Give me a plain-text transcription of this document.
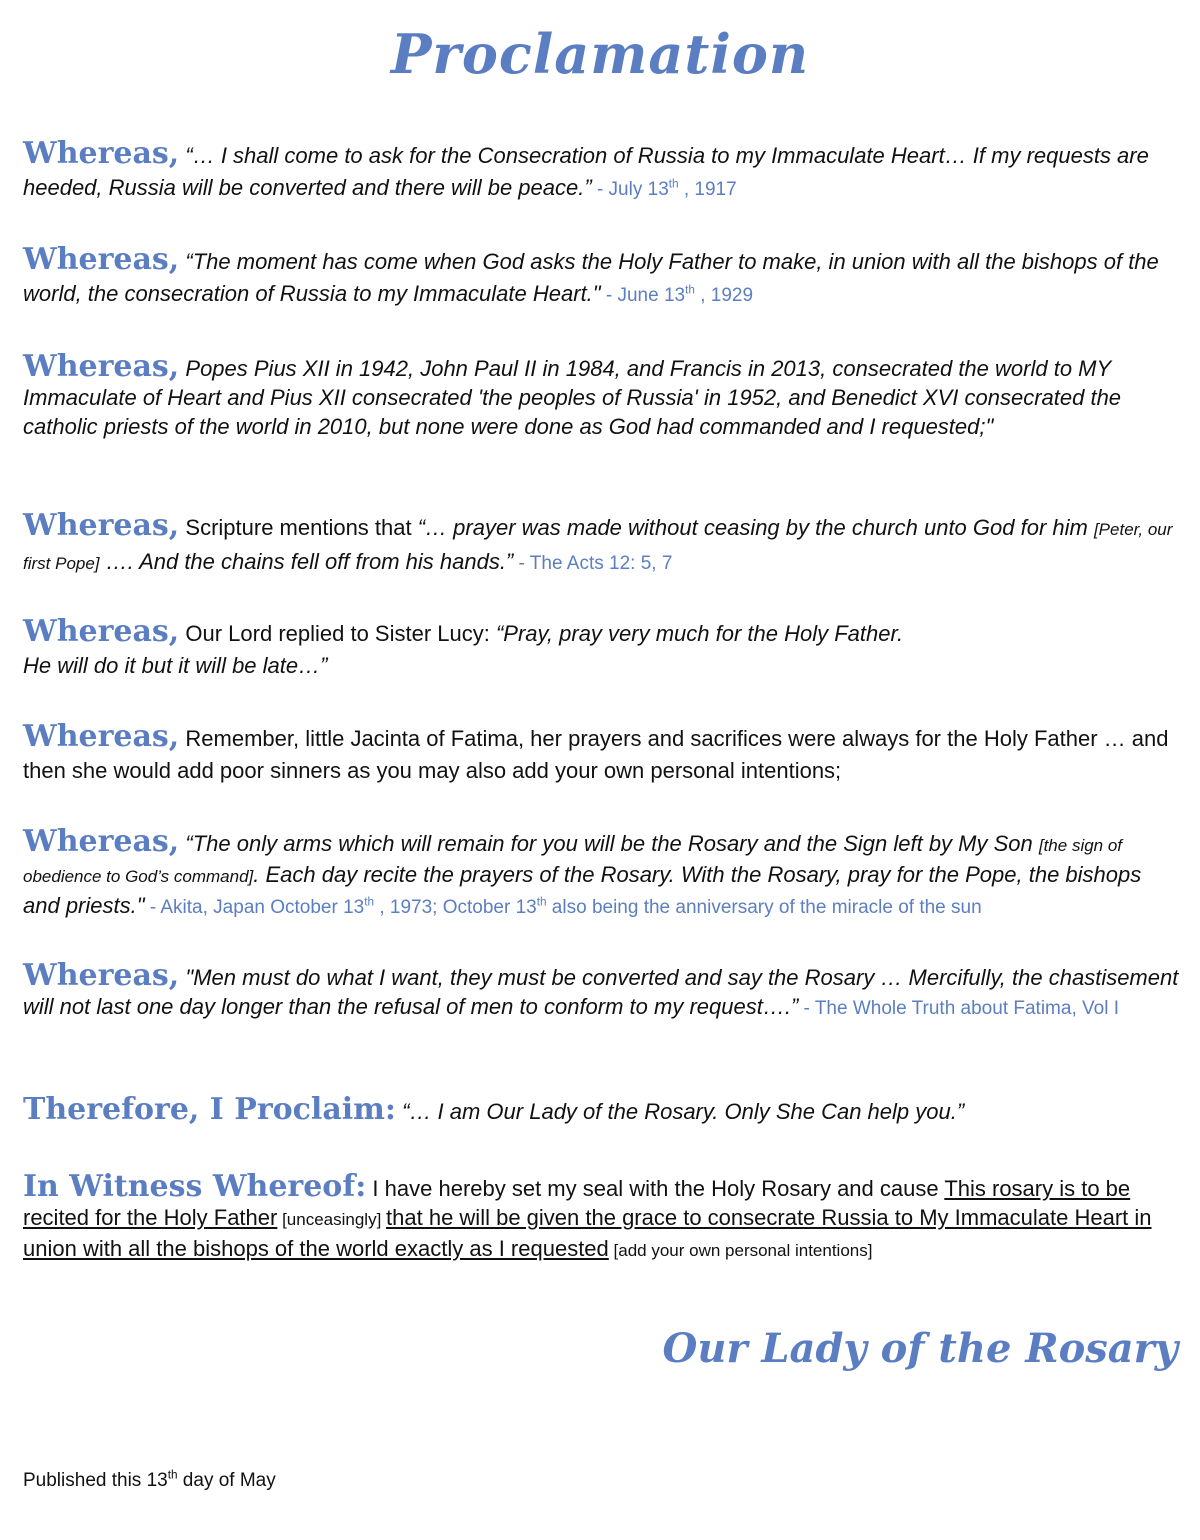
Proclamation

Whereas, “… I shall come to ask for the Consecration of Russia to my Immaculate Heart… If my requests are heeded, Russia will be converted and there will be peace.” - July 13th , 1917

Whereas, “The moment has come when God asks the Holy Father to make, in union with all the bishops of the world, the consecration of Russia to my Immaculate Heart." - June 13th , 1929

Whereas, Popes Pius XII in 1942, John Paul II in 1984, and Francis in 2013, consecrated the world to MY Immaculate of Heart and Pius XII consecrated 'the peoples of Russia' in 1952, and Benedict XVI consecrated the catholic priests of the world in 2010, but none were done as God had commanded and I requested;"

Whereas, Scripture mentions that “… prayer was made without ceasing by the church unto God for him [Peter, our first Pope] …. And the chains fell off from his hands.” - The Acts 12: 5, 7

Whereas, Our Lord replied to Sister Lucy: “Pray, pray very much for the Holy Father.
He will do it but it will be late…”

Whereas, Remember, little Jacinta of Fatima, her prayers and sacrifices were always for the Holy Father … and then she would add poor sinners as you may also add your own personal intentions;

Whereas, “The only arms which will remain for you will be the Rosary and the Sign left by My Son [the sign of obedience to God’s command]. Each day recite the prayers of the Rosary. With the Rosary, pray for the Pope, the bishops and priests." - Akita, Japan October 13th , 1973; October 13th also being the anniversary of the miracle of the sun

Whereas, "Men must do what I want, they must be converted and say the Rosary … Mercifully, the chastisement will not last one day longer than the refusal of men to conform to my request….” - The Whole Truth about Fatima, Vol I

Therefore, I Proclaim: “… I am Our Lady of the Rosary. Only She Can help you.”

In Witness Whereof: I have hereby set my seal with the Holy Rosary and cause This rosary is to be recited for the Holy Father [unceasingly] that he will be given the grace to consecrate Russia to My Immaculate Heart in union with all the bishops of the world exactly as I requested [add your own personal intentions]

Our Lady of the Rosary

Published this 13th day of May
